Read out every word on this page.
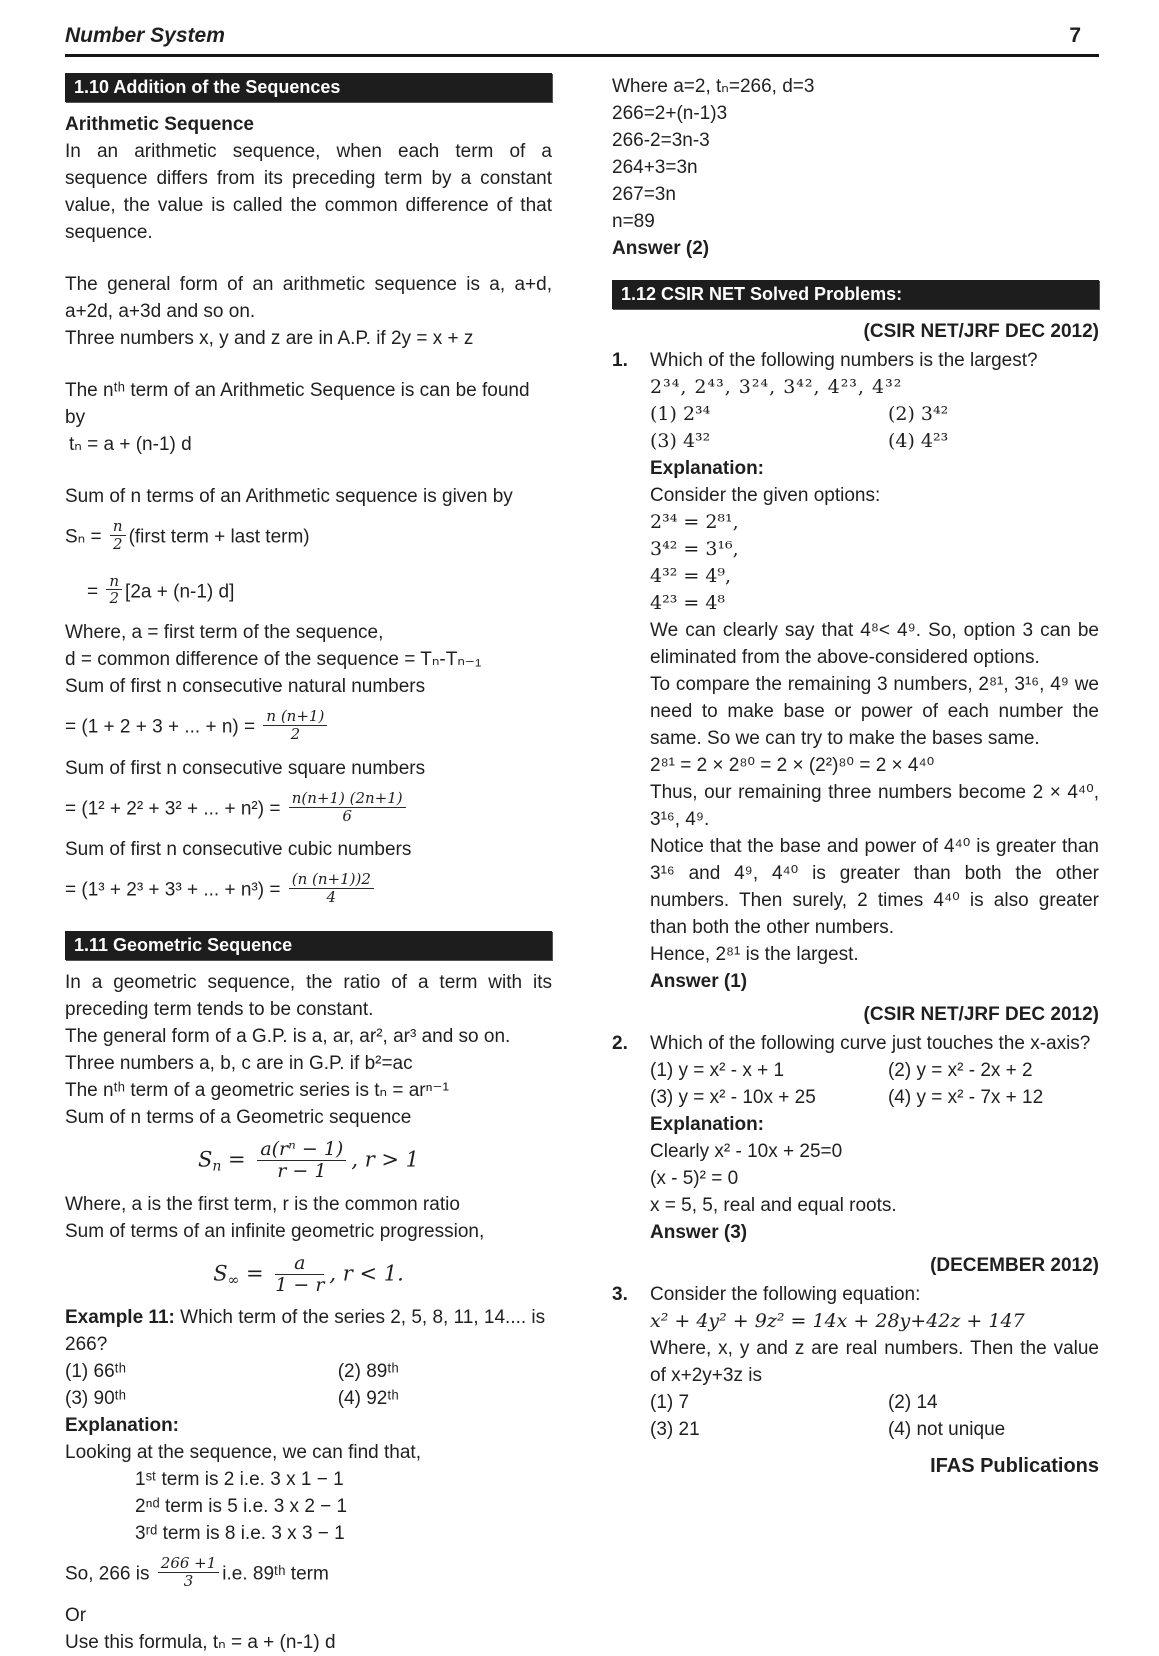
Number System	7
1.10 Addition of the Sequences
Arithmetic Sequence

In an arithmetic sequence, when each term of a sequence differs from its preceding term by a constant value, the value is called the common difference of that sequence.

The general form of an arithmetic sequence is a, a+d, a+2d, a+3d and so on.

Three numbers x, y and z are in A.P. if 2y = x + z
The nᵗʰ term of an Arithmetic Sequence is can be found by
tₙ = a + (n-1) d
Sum of n terms of an Arithmetic sequence is given by
$S_n = \frac{n}{2}$ (first term + last term)
= $\frac{n}{2} [2a + (n-1)$ d]
Where, a = first term of the sequence,
d = common difference of the sequence = Tₙ-Tₙ₋₁
Sum of first n consecutive natural numbers
= (1 + 2 + 3 + ... + $n) = \frac{n (n+1)}{2}$
Sum of first n consecutive square numbers
= (1² + 2² + 3² + ... + $n^2) = \frac{n(n+1) (2n+1)}{6}$
Sum of first n consecutive cubic numbers
= (1³ + 2³ + 3³ + ... + $n^3) = \frac{(n (n+1))2}{4}$
1.11 Geometric Sequence

In a geometric sequence, the ratio of a term with its preceding term tends to be constant.

The general form of a G.P. is a, ar, ar², ar³ and so on.
Three numbers a, b, c are in G.P. if b²=ac
The nᵗʰ term of a geometric series is tₙ = arⁿ⁻¹
Sum of n terms of a Geometric sequence
$Sn = \frac{\text{a(rⁿ − 1)}}{r - 1}$ , r > 1
Where, a is the first term, r is the common ratio
Sum of terms of an infinite geometric progression,
$S\infty = \frac{a}{1 - r}$ , r < 1.

Example 11: Which term of the series 2, 5, 8, 11, 14.... is 266?

(1) 66ᵗʰ	(2) 89ᵗʰ
(3) 90ᵗʰ	(4) 92ᵗʰ
Explanation:
Looking at the sequence, we can find that,
1ˢᵗ term is 2 i.e. 3 x 1 − 1
2ⁿᵈ term is 5 i.e. 3 x 2 − 1
3ʳᵈ term is 8 i.e. 3 x 3 − 1
So, 266 is $\frac{266 +1}{3} i.e$. 89ᵗʰ term
Or
Use this formula, tₙ = a + (n-1) d
Where a=2, tₙ=266, d=3
266=2+(n-1)3
266-2=3n-3
264+3=3n
267=3n
n=89
Answer (2)
1.12 CSIR NET Solved Problems:
(CSIR NET/JRF DEC 2012)
1.	Which of the following numbers is the largest?
2³⁴, 2⁴³, 3²⁴, 3⁴², 4²³, 4³²
(1) 2³⁴	(2) 3⁴²
(3) 4³²	(4) 4²³
Explanation:
Consider the given options:
2³⁴ = 2⁸¹,
3⁴² = 3¹⁶,
4³² = 4⁹,
4²³ = 4⁸

We can clearly say that 4⁸< 4⁹. So, option 3 can be eliminated from the above-considered options.

To compare the remaining 3 numbers, 2⁸¹, 3¹⁶, 4⁹ we need to make base or power of each number the same. So we can try to make the bases same.

2⁸¹ = 2 × 2⁸⁰ = 2 × (2²)⁸⁰ = 2 × 4⁴⁰

Thus, our remaining three numbers become 2 × 4⁴⁰, 3¹⁶, 4⁹.

Notice that the base and power of 4⁴⁰ is greater than 3¹⁶ and 4⁹, 4⁴⁰ is greater than both the other numbers. Then surely, 2 times 4⁴⁰ is also greater than both the other numbers.

Hence, 2⁸¹ is the largest.
Answer (1)
(CSIR NET/JRF DEC 2012)
2.	Which of the following curve just touches the x-axis?
(1) y = x² - x + 1	(2) y = x² - 2x + 2
(3) y = x² - 10x + 25	(4) y = x² - 7x + 12
Explanation:
Clearly x² - 10x + 25=0
(x - 5)² = 0
x = 5, 5, real and equal roots.
Answer (3)
(DECEMBER 2012)
3.	Consider the following equation:
x² + 4y² + 9z² = 14x + 28y+42z + 147

Where, x, y and z are real numbers. Then the value of x+2y+3z is

(1) 7	(2) 14
(3) 21	(4) not unique
IFAS Publications
